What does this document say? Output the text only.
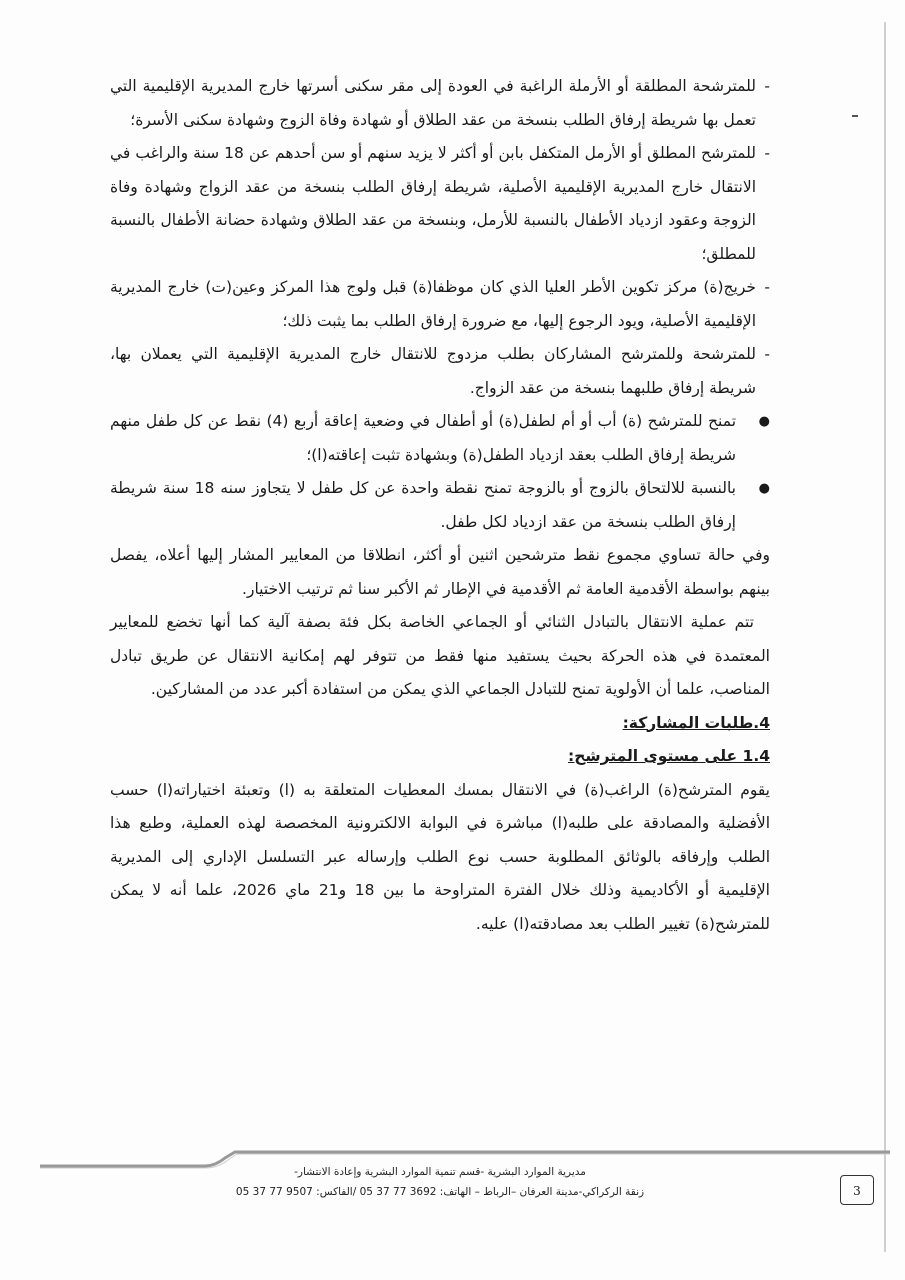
-

للمترشحة المطلقة أو الأرملة الراغبة في العودة إلى مقر سكنى أسرتها خارج المديرية الإقليمية التي تعمل بها شريطة إرفاق الطلب بنسخة من عقد الطلاق أو شهادة وفاة الزوج وشهادة سكنى الأسرة؛

-

للمترشح المطلق أو الأرمل المتكفل بابن أو أكثر لا يزيد سنهم أو سن أحدهم عن 18 سنة والراغب في الانتقال خارج المديرية الإقليمية الأصلية، شريطة إرفاق الطلب بنسخة من عقد الزواج وشهادة وفاة الزوجة وعقود ازدياد الأطفال بالنسبة للأرمل، وبنسخة من عقد الطلاق وشهادة حضانة الأطفال بالنسبة للمطلق؛

-

خريج(ة) مركز تكوين الأطر العليا الذي كان موظفا(ة) قبل ولوج هذا المركز وعين(ت) خارج المديرية الإقليمية الأصلية، ويود الرجوع إليها، مع ضرورة إرفاق الطلب بما يثبت ذلك؛

-

للمترشحة وللمترشح المشاركان بطلب مزدوج للانتقال خارج المديرية الإقليمية التي يعملان بها، شريطة إرفاق طلبهما بنسخة من عقد الزواج.

●

تمنح للمترشح (ة) أب أو أم لطفل(ة) أو أطفال في وضعية إعاقة أربع (4) نقط عن كل طفل منهم شريطة إرفاق الطلب بعقد ازدياد الطفل(ة) وبشهادة تثبت إعاقته(ا)؛

●

بالنسبة للالتحاق بالزوج أو بالزوجة تمنح نقطة واحدة عن كل طفل لا يتجاوز سنه 18 سنة شريطة إرفاق الطلب بنسخة من عقد ازدياد لكل طفل.

وفي حالة تساوي مجموع نقط مترشحين اثنين أو أكثر، انطلاقا من المعايير المشار إليها أعلاه، يفصل بينهم بواسطة الأقدمية العامة ثم الأقدمية في الإطار ثم الأكبر سنا ثم ترتيب الاختيار.

تتم عملية الانتقال بالتبادل الثنائي أو الجماعي الخاصة بكل فئة بصفة آلية كما أنها تخضع للمعايير المعتمدة في هذه الحركة بحيث يستفيد منها فقط من تتوفر لهم إمكانية الانتقال عن طريق تبادل المناصب، علما أن الأولوية تمنح للتبادل الجماعي الذي يمكن من استفادة أكبر عدد من المشاركين.

4.طلبات المشاركة:

1.4 على مستوى المترشح:

يقوم المترشح(ة) الراغب(ة) في الانتقال بمسك المعطيات المتعلقة به (ا) وتعبئة اختياراته(ا) حسب الأفضلية والمصادقة على طلبه(ا) مباشرة في البوابة الالكترونية المخصصة لهذه العملية، وطبع هذا الطلب وإرفاقه بالوثائق المطلوبة حسب نوع الطلب وإرساله عبر التسلسل الإداري إلى المديرية الإقليمية أو الأكاديمية وذلك خلال الفترة المتراوحة ما بين 18 و21 ماي 2026، علما أنه لا يمكن للمترشح(ة) تغيير الطلب بعد مصادقته(ا) عليه.

مديرية الموارد البشرية -قسم تنمية الموارد البشرية وإعادة الانتشار-
زنقة الركراكي-مدينة العرفان –الرباط – الهاتف: 3692 77 37 05 /الفاكس: 9507 77 37 05	3
